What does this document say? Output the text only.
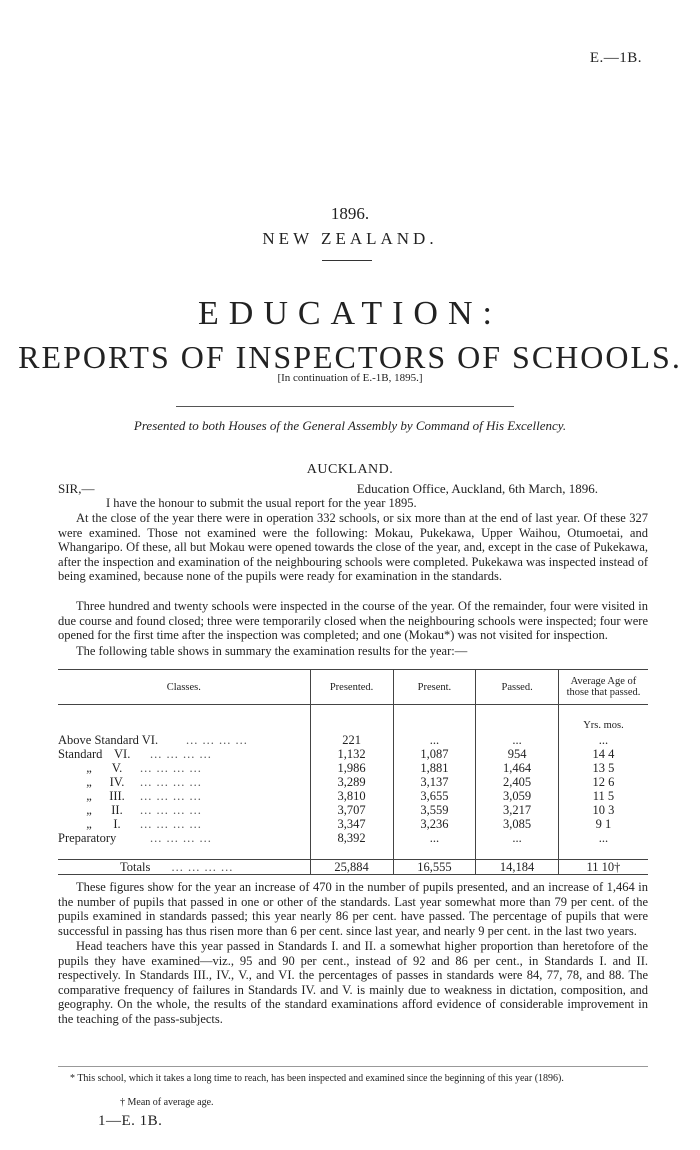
E.—1B.
1896.
NEW ZEALAND.
EDUCATION:
REPORTS OF INSPECTORS OF SCHOOLS.
[In continuation of E.-1B, 1895.]
Presented to both Houses of the General Assembly by Command of His Excellency.
AUCKLAND.
SIR,—	Education Office, Auckland, 6th March, 1896.
I have the honour to submit the usual report for the year 1895.
At the close of the year there were in operation 332 schools, or six more than at the end of last year. Of these 327 were examined. Those not examined were the following: Mokau, Pukekawa, Upper Waihou, Otumoetai, and Whangaripo. Of these, all but Mokau were opened towards the close of the year, and, except in the case of Pukekawa, after the inspection and examination of the neighbouring schools were completed. Pukekawa was inspected instead of being examined, because none of the pupils were ready for examination in the standards.
Three hundred and twenty schools were inspected in the course of the year. Of the remainder, four were visited in due course and found closed; three were temporarily closed when the neighbouring schools were inspected; four were opened for the first time after the inspection was completed; and one (Mokau*) was not visited for inspection.
The following table shows in summary the examination results for the year:—
Classes.	Presented.	Present.	Passed.	Average Age of those that passed.

				Yrs. mos.
Above Standard VI. ... ... ... ...	221	...	...	...
Standard VI. ... ... ... ...	1,132	1,087	954	14 4
„ V. ... ... ... ...	1,986	1,881	1,464	13 5
„ IV. ... ... ... ...	3,289	3,137	2,405	12 6
„ III. ... ... ... ...	3,810	3,655	3,059	11 5
„ II. ... ... ... ...	3,707	3,559	3,217	10 3
„ I. ... ... ... ...	3,347	3,236	3,085	9 1
Preparatory ... ... ... ...	8,392	...	...	...

Totals ... ... ... ...	25,884	16,555	14,184	11 10†
These figures show for the year an increase of 470 in the number of pupils presented, and an increase of 1,464 in the number of pupils that passed in one or other of the standards. Last year somewhat more than 79 per cent. of the pupils examined in standards passed; this year nearly 86 per cent. have passed. The percentage of pupils that were successful in passing has thus risen more than 6 per cent. since last year, and nearly 9 per cent. in the last two years.
Head teachers have this year passed in Standards I. and II. a somewhat higher proportion than heretofore of the pupils they have examined—viz., 95 and 90 per cent., instead of 92 and 86 per cent., in Standards I. and II. respectively. In Standards III., IV., V., and VI. the percentages of passes in standards were 84, 77, 78, and 88. The comparative frequency of failures in Standards IV. and V. is mainly due to weakness in dictation, composition, and geography. On the whole, the results of the standard examinations afford evidence of considerable improvement in the teaching of the pass-subjects.
* This school, which it takes a long time to reach, has been inspected and examined since the beginning of this year (1896).
† Mean of average age.
1—E. 1B.
